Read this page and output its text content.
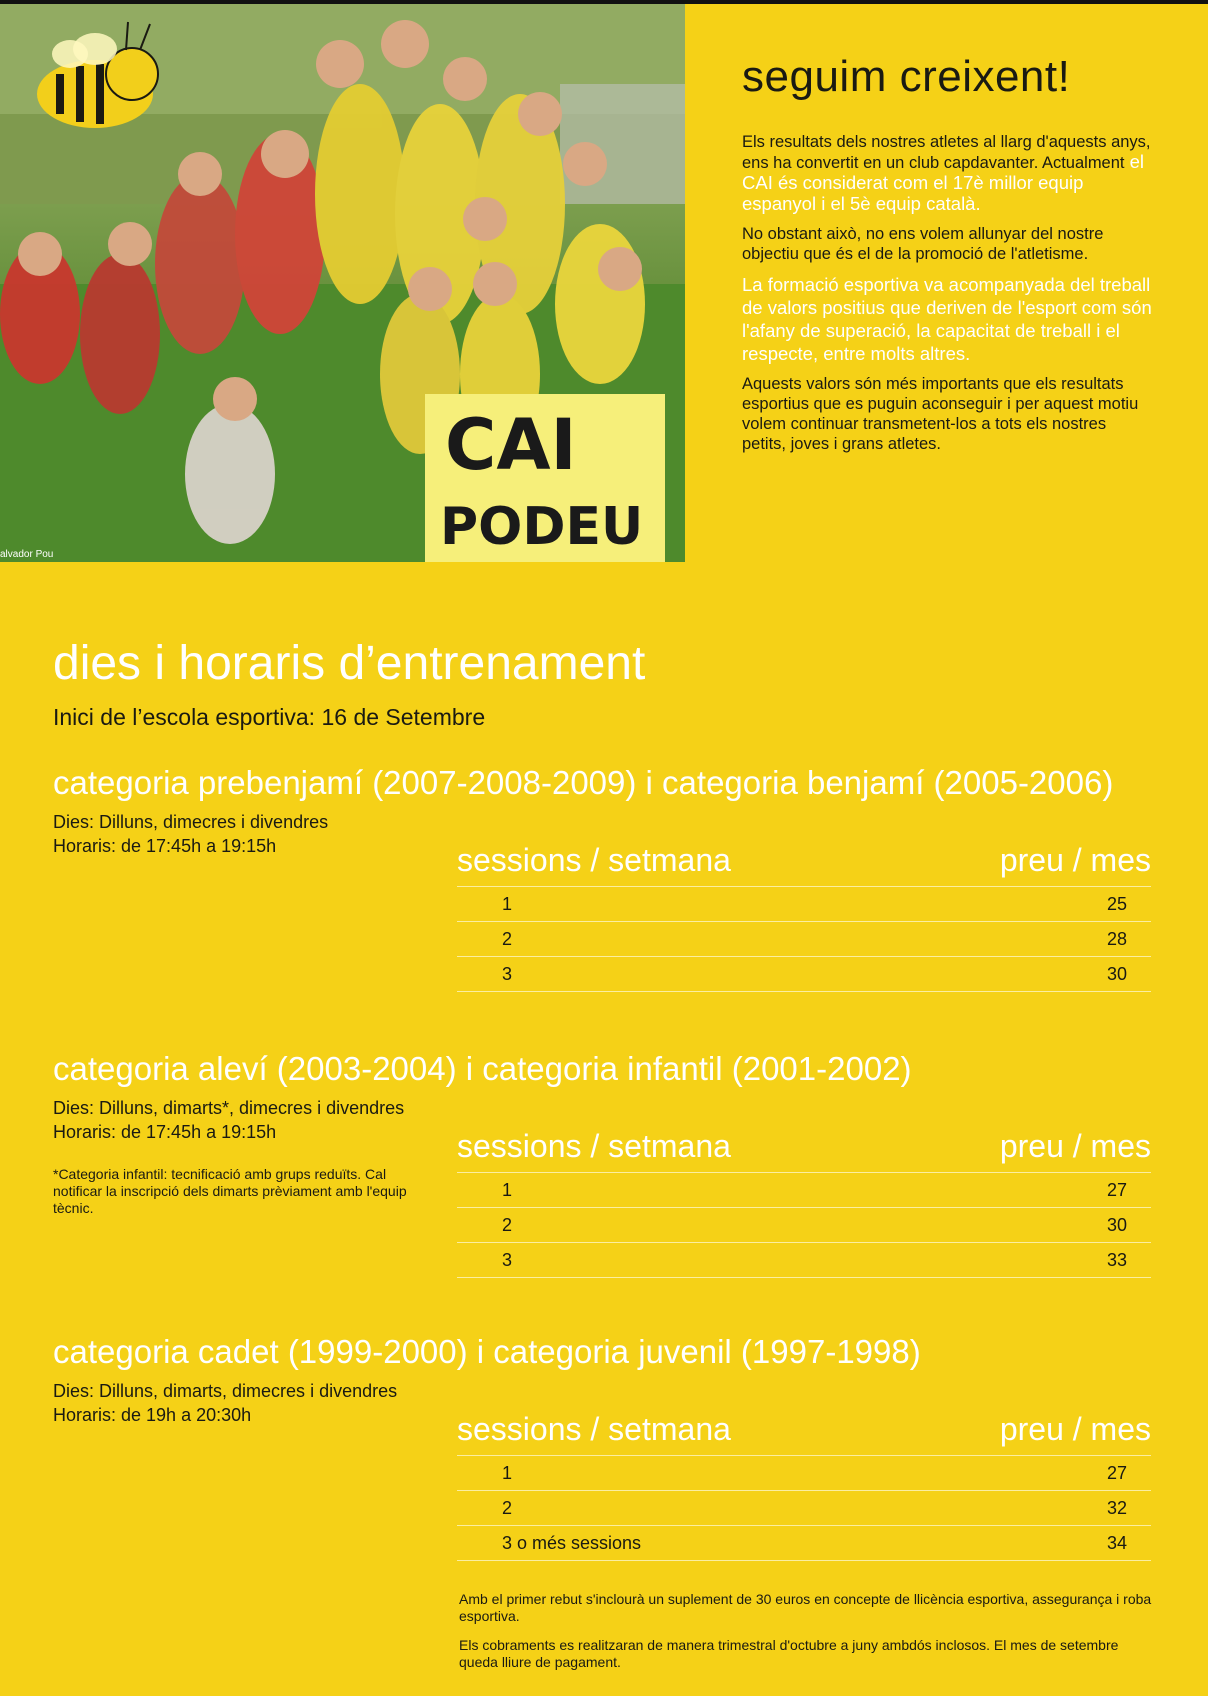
CAI
PODEU
alvador Pou
seguim creixent!

Els resultats dels nostres atletes al llarg d'aquests anys, ens ha convertit en un club capdavanter. Actualment el CAI és considerat com el 17è millor equip espanyol i el 5è equip català.

No obstant això, no ens volem allunyar del nostre objectiu que és el de la promoció de l'atletisme.

La formació esportiva va acompanyada del treball de valors positius que deriven de l'esport com són l'afany de superació, la capacitat de treball i el respecte, entre molts altres.

Aquests valors són més importants que els resultats esportius que es puguin aconseguir i per aquest motiu volem continuar transmetent-los a tots els nostres petits, joves i grans atletes.

dies i horaris d’entrenament
Inici de l’escola esportiva: 16 de Setembre
categoria prebenjamí (2007-2008-2009) i categoria benjamí (2005-2006)
Dies: Dilluns, dimecres i divendres
Horaris: de 17:45h a 19:15h	sessions / setmana	preu / mes
1	25
2	28
3	30
categoria aleví (2003-2004) i categoria infantil (2001-2002)
Dies: Dilluns, dimarts*, dimecres i divendres
Horaris: de 17:45h a 19:15h
*Categoria infantil: tecnificació amb grups reduïts. Cal notificar la inscripció dels dimarts prèviament amb l'equip tècnic.
sessions / setmana	preu / mes
1	27
2	30
3	33
categoria cadet (1999-2000) i categoria juvenil (1997-1998)
Dies: Dilluns, dimarts, dimecres i divendres
Horaris: de 19h a 20:30h	sessions / setmana	preu / mes
1	27
2	32
3 o més sessions	34

Amb el primer rebut s'inclourà un suplement de 30 euros en concepte de llicència esportiva, assegurança i roba esportiva.

Els cobraments es realitzaran de manera trimestral d'octubre a juny ambdós inclosos. El mes de setembre queda lliure de pagament.
